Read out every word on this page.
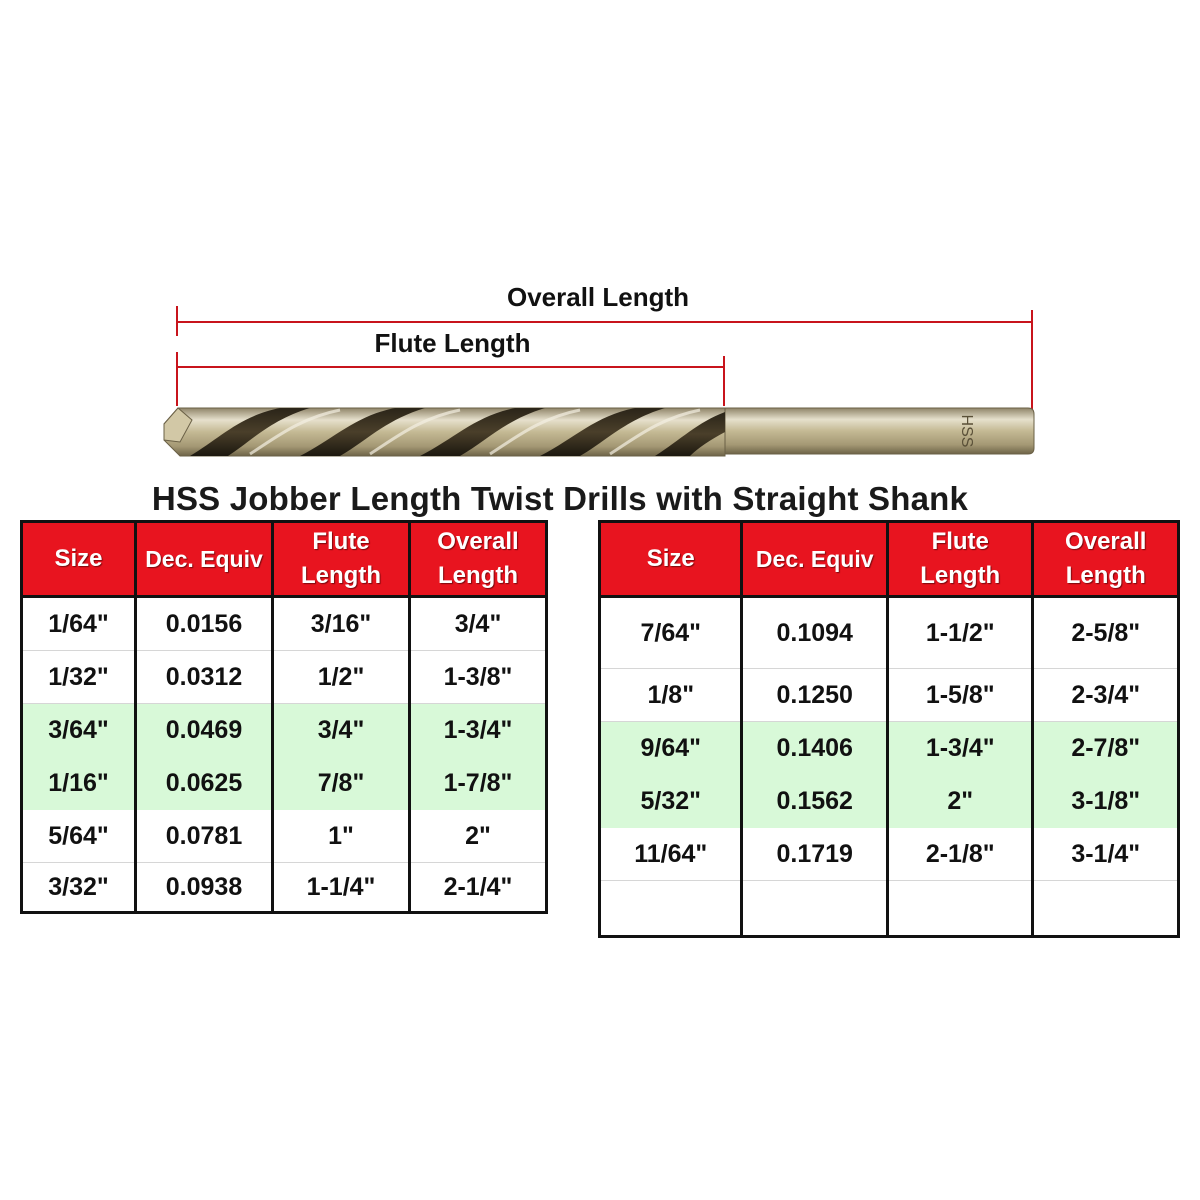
Overall Length
Flute Length
HSS
HSS Jobber Length Twist Drills with Straight Shank
Size	Dec. Equiv	Flute Length	Overall Length
1/64"	0.0156	3/16"	3/4"
1/32"	0.0312	1/2"	1-3/8"
3/64"	0.0469	3/4"	1-3/4"
1/16"	0.0625	7/8"	1-7/8"
5/64"	0.0781	1"	2"
3/32"	0.0938	1-1/4"	2-1/4"
Size	Dec. Equiv	Flute Length	Overall Length
7/64"	0.1094	1-1/2"	2-5/8"
1/8"	0.1250	1-5/8"	2-3/4"
9/64"	0.1406	1-3/4"	2-7/8"
5/32"	0.1562	2"	3-1/8"
11/64"	0.1719	2-1/8"	3-1/4"
